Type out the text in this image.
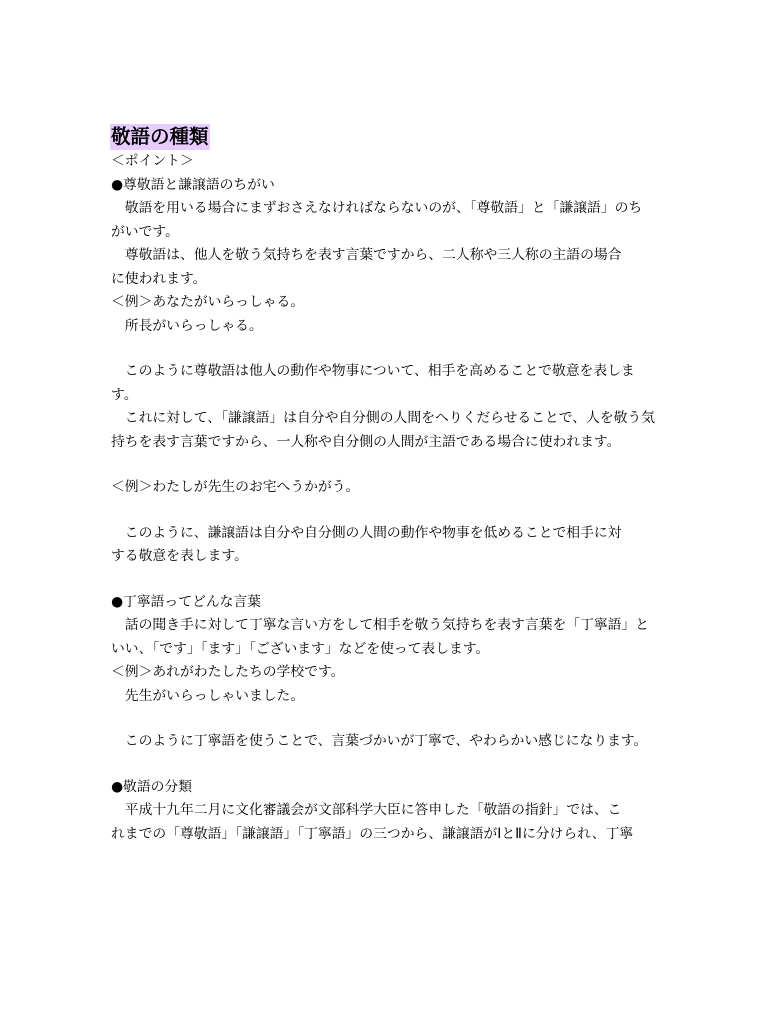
敬語の種類
＜ポイント＞
●尊敬語と謙譲語のちがい
　敬語を用いる場合にまずおさえなければならないのが、「尊敬語」と「謙譲語」のち
がいです。
　尊敬語は、他人を敬う気持ちを表す言葉ですから、二人称や三人称の主語の場合
に使われます。
＜例＞あなたがいらっしゃる。
　所長がいらっしゃる。
　このように尊敬語は他人の動作や物事について、相手を高めることで敬意を表しま
す。
　これに対して、「謙譲語」は自分や自分側の人間をへりくだらせることで、人を敬う気
持ちを表す言葉ですから、一人称や自分側の人間が主語である場合に使われます。
＜例＞わたしが先生のお宅へうかがう。
　このように、謙譲語は自分や自分側の人間の動作や物事を低めることで相手に対
する敬意を表します。
●丁寧語ってどんな言葉
　話の聞き手に対して丁寧な言い方をして相手を敬う気持ちを表す言葉を「丁寧語」と
いい、「です」「ます」「ございます」などを使って表します。
＜例＞あれがわたしたちの学校です。
　先生がいらっしゃいました。
　このように丁寧語を使うことで、言葉づかいが丁寧で、やわらかい感じになります。
●敬語の分類
　平成十九年二月に文化審議会が文部科学大臣に答申した「敬語の指針」では、こ
れまでの「尊敬語」「謙譲語」「丁寧語」の三つから、謙譲語がⅠとⅡに分けられ、丁寧
